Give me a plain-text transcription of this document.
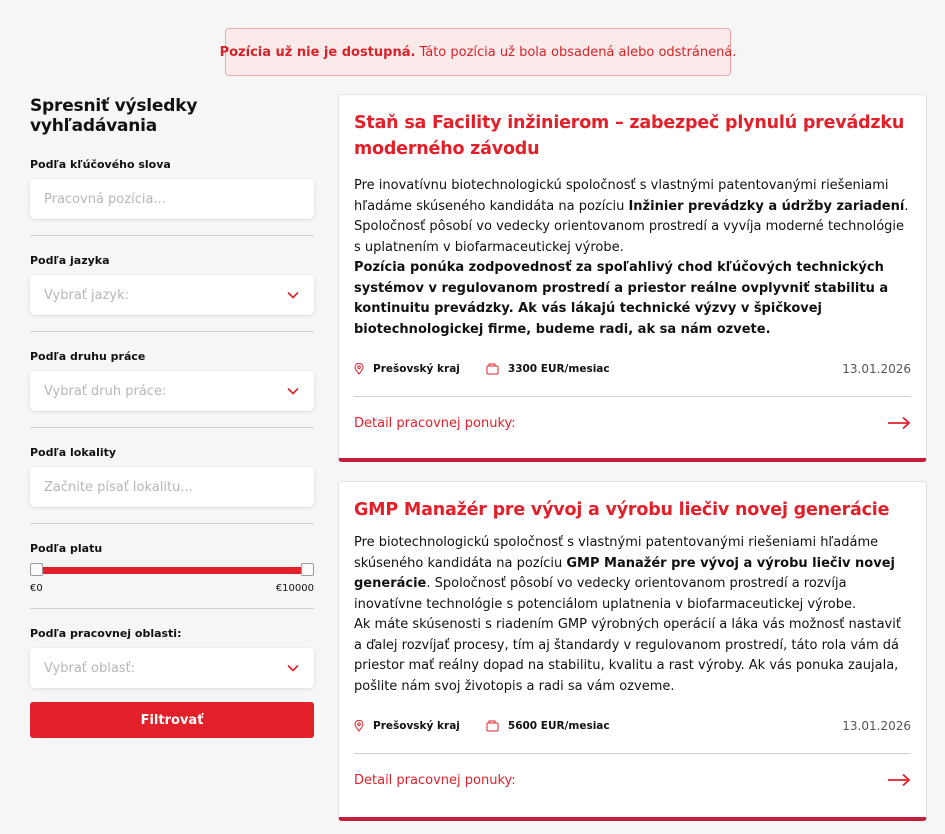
Pozícia už nie je dostupná. Táto pozícia už bola obsadená alebo odstránená.
Spresniť výsledky vyhľadávania
Podľa kľúčového slova
Pracovná pozícia...
Podľa jazyka
Vybrať jazyk:
Podľa druhu práce
Vybrať druh práce:
Podľa lokality
Začnite písať lokalitu...
Podľa platu
€0	€10000
Podľa pracovnej oblasti:
Vybrať oblasť:
Filtrovať
Staň sa Facility inžinierom – zabezpeč plynulú prevádzku moderného závodu
Pre inovatívnu biotechnologickú spoločnosť s vlastnými patentovanými riešeniami hľadáme skúseného kandidáta na pozíciu Inžinier prevádzky a údržby zariadení. Spoločnosť pôsobí vo vedecky orientovanom prostredí a vyvíja moderné technológie s uplatnením v biofarmaceutickej výrobe.
Pozícia ponúka zodpovednosť za spoľahlivý chod kľúčových technických systémov v regulovanom prostredí a priestor reálne ovplyvniť stabilitu a kontinuitu prevádzky. Ak vás lákajú technické výzvy v špičkovej biotechnologickej firme, budeme radi, ak sa nám ozvete.
Prešovský kraj	3300 EUR/mesiac	13.01.2026
Detail pracovnej ponuky:
GMP Manažér pre vývoj a výrobu liečiv novej generácie
Pre biotechnologickú spoločnosť s vlastnými patentovanými riešeniami hľadáme skúseného kandidáta na pozíciu GMP Manažér pre vývoj a výrobu liečiv novej generácie. Spoločnosť pôsobí vo vedecky orientovanom prostredí a rozvíja inovatívne technológie s potenciálom uplatnenia v biofarmaceutickej výrobe.
Ak máte skúsenosti s riadením GMP výrobných operácií a láka vás možnosť nastaviť a ďalej rozvíjať procesy, tím aj štandardy v regulovanom prostredí, táto rola vám dá priestor mať reálny dopad na stabilitu, kvalitu a rast výroby. Ak vás ponuka zaujala, pošlite nám svoj životopis a radi sa vám ozveme.
Prešovský kraj	5600 EUR/mesiac	13.01.2026
Detail pracovnej ponuky:
